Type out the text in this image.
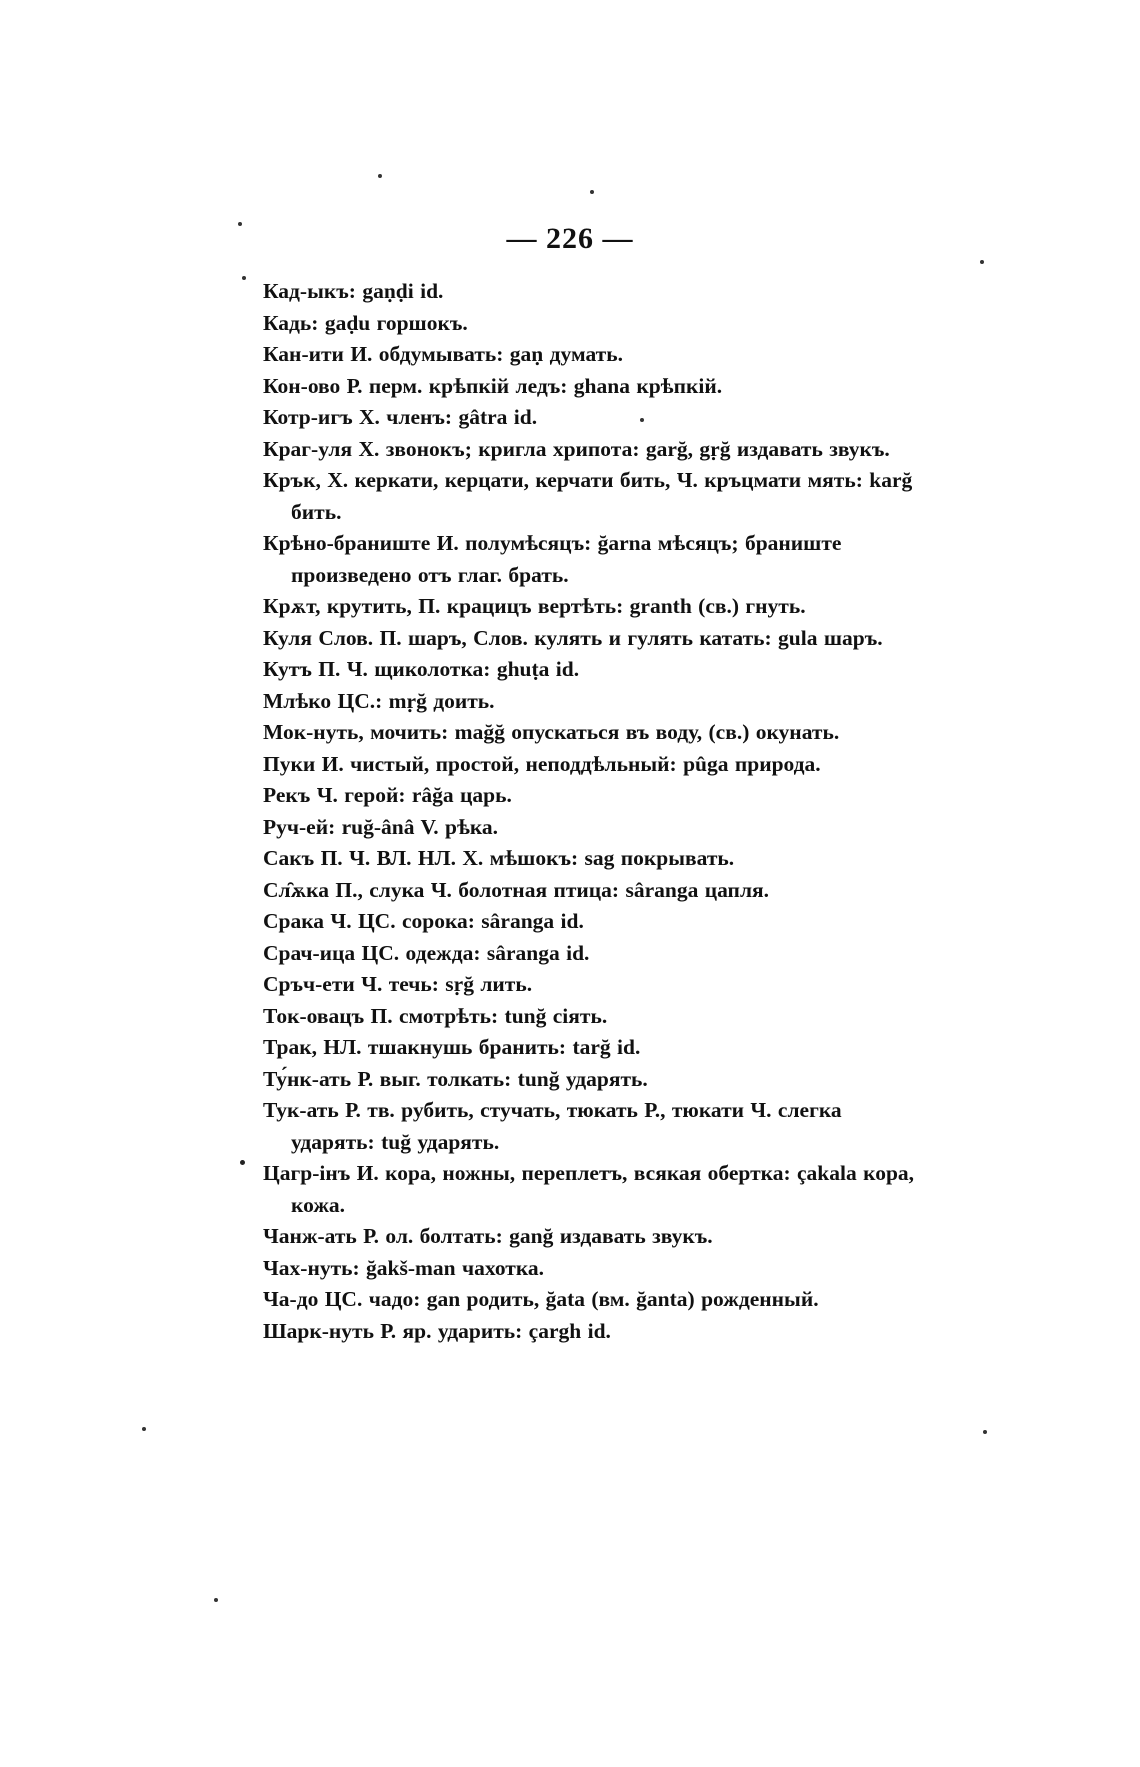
— 226 —
Кад-ыкъ: gaṇḍi id.
Кадь: gaḍu горшокъ.
Кан-ити И. обдумывать: gaṇ думать.
Кон-ово Р. перм. крѣпкій ледъ: ghana крѣпкій.
Котр-игъ Х. членъ: gâtra id.
Краг-уля Х. звонокъ; кригла хрипота: garğ, gṛğ издавать звукъ.
Крък, Х. керкати, керцати, керчати бить, Ч. кръцмати мять: karğ бить.
Крѣно-браниште И. полумѣсяцъ: ğarna мѣсяцъ; браниште произведено отъ глаг. брать.
Крѫт, крутить, П. крацицъ вертѣть: granth (св.) гнуть.
Куля Слов. П. шаръ, Слов. кулять и гулять катать: gula шаръ.
Кутъ П. Ч. щиколотка: ghuṭa id.
Млѣко ЦС.: mṛğ доить.
Мок-нуть, мочить: mağğ опускаться въ воду, (св.) окунать.
Пуки И. чистый, простой, неподдѣльный: pûga природа.
Рекъ Ч. герой: râğa царь.
Руч-ей: ruğ-ânâ V. рѣка.
Сакъ П. Ч. ВЛ. НЛ. Х. мѣшокъ: sag покрывать.
Сл̑ѫка П., слука Ч. болотная птица: sâranga цапля.
Срака Ч. ЦС. сорока: sâranga id.
Срач-ица ЦС. одежда: sâranga id.
Сръч-ети Ч. течь: sṛğ лить.
Ток-овацъ П. смотрѣть: tunğ сiять.
Трак, НЛ. тшакнушь бранить: tarğ id.
Ту́нк-ать Р. выг. толкать: tunğ ударять.
Тук-ать Р. тв. рубить, стучать, тюкать Р., тюкати Ч. слегка ударять: tuğ ударять.
Цагр-iнъ И. кора, ножны, переплетъ, всякая обертка: çakala кора, кожа.
Чанж-ать Р. ол. болтать: ganğ издавать звукъ.
Чах-нуть: ğakš-man чахотка.
Ча-до ЦС. чадо: gan родить, ğata (вм. ğanta) рожденный.
Шарк-нуть Р. яр. ударить: çargh id.
